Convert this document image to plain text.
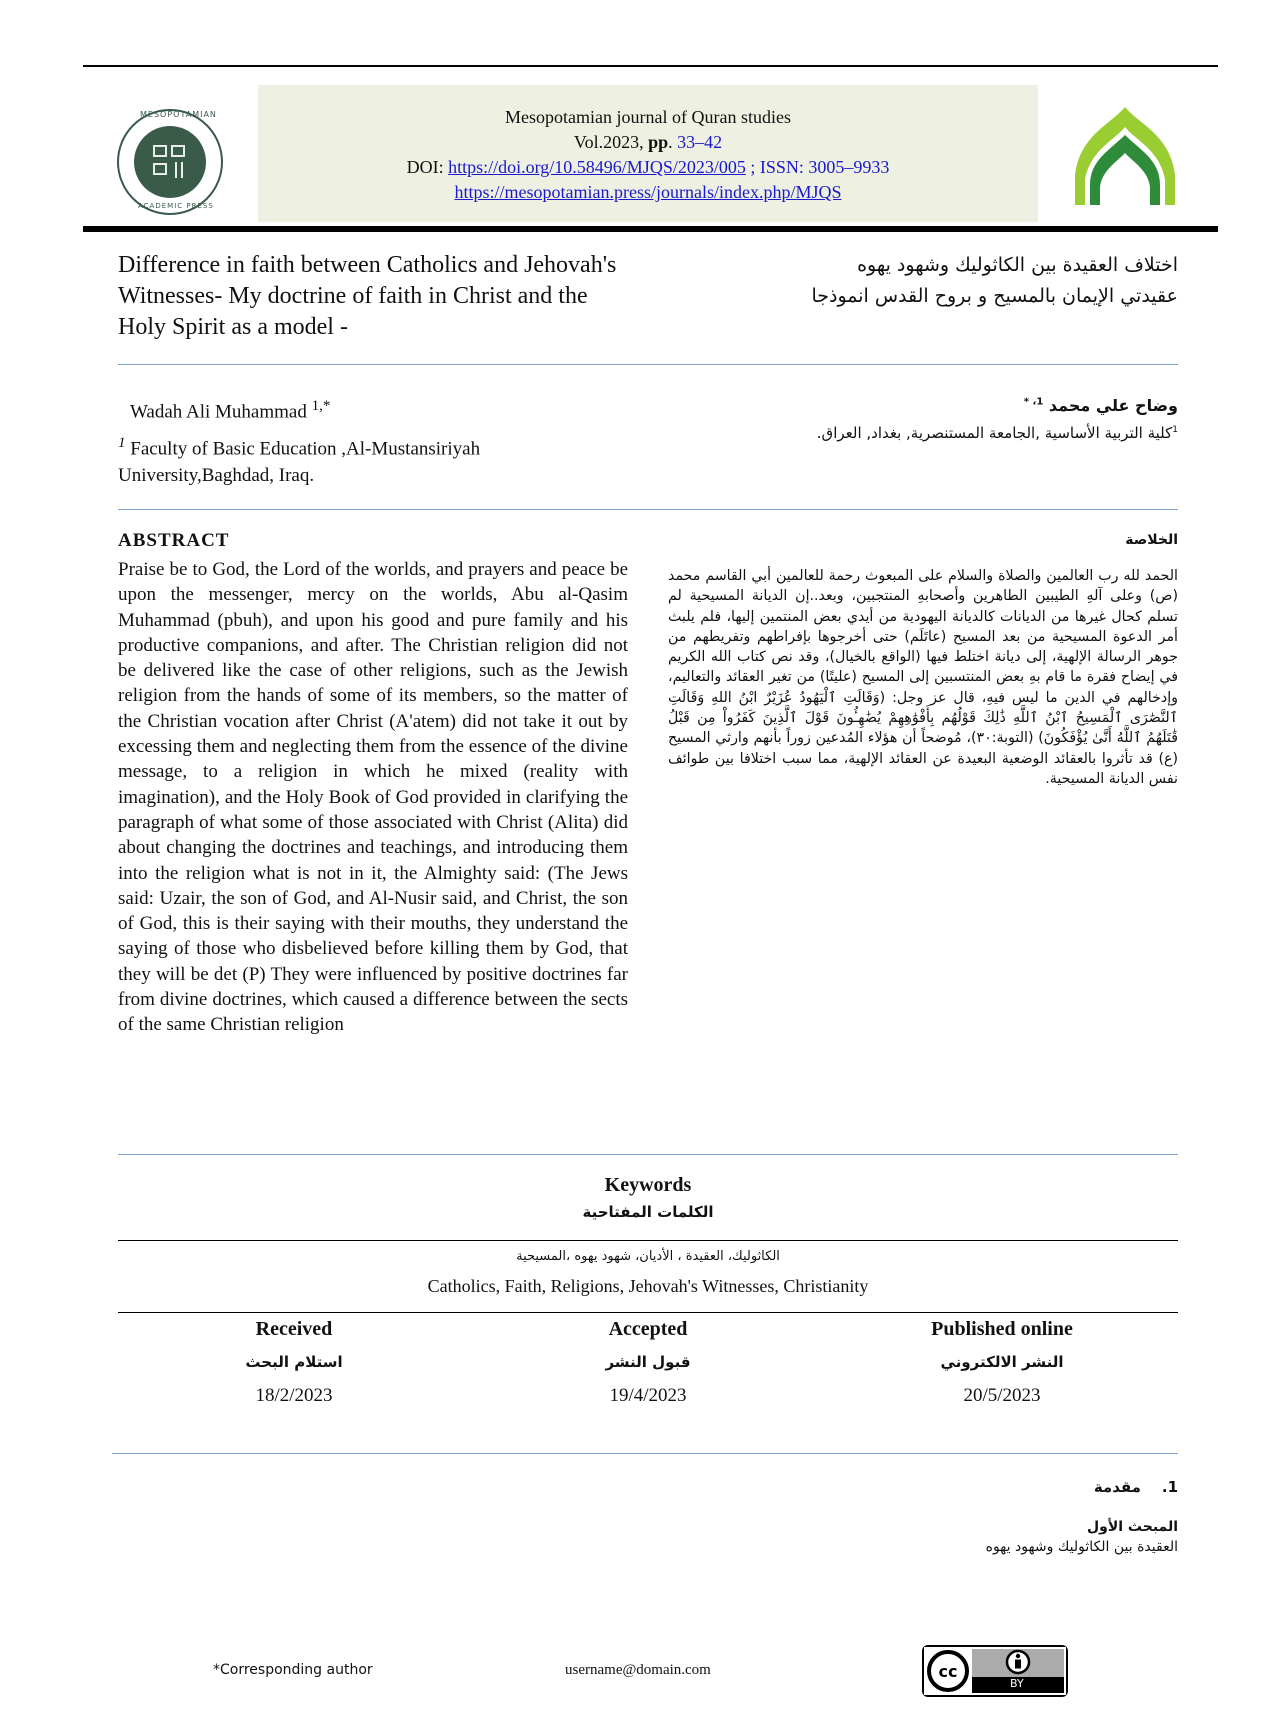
MESOPOTAMIAN
ACADEMIC PRESS
Mesopotamian journal of Quran studies
Vol.2023, pp. 33–42
DOI: https://doi.org/10.58496/MJQS/2023/005 ; ISSN: 3005–9933
https://mesopotamian.press/journals/index.php/MJQS
Difference in faith between Catholics and Jehovah's Witnesses- My doctrine of faith in Christ and the Holy Spirit as a model -
اختلاف العقيدة بين الكاثوليك وشهود يهوه
عقيدتي الإيمان بالمسيح و بروح القدس انموذجا
Wadah Ali Muhammad $^{1,*}$
$^1$ Faculty of Basic Education ,Al-Mustansiriyah University,Baghdad, Iraq.
وضاح علي محمد $^{1، *}$
$^1$كلية التربية الأساسية ,الجامعة المستنصرية, بغداد, العراق.
ABSTRACT
Praise be to God, the Lord of the worlds, and prayers and peace be upon the messenger, mercy on the worlds, Abu al-Qasim Muhammad (pbuh), and upon his good and pure family and his productive companions, and after. The Christian religion did not be delivered like the case of other religions, such as the Jewish religion from the hands of some of its members, so the matter of the Christian vocation after Christ (A'atem) did not take it out by excessing them and neglecting them from the essence of the divine message, to a religion in which he mixed (reality with imagination), and the Holy Book of God provided in clarifying the paragraph of what some of those associated with Christ (Alita) did about changing the doctrines and teachings, and introducing them into the religion what is not in it, the Almighty said: (The Jews said: Uzair, the son of God, and Al-Nusir said, and Christ, the son of God, this is their saying with their mouths, they understand the saying of those who disbelieved before killing them by God, that they will be det (P) They were influenced by positive doctrines far from divine doctrines, which caused a difference between the sects of the same Christian religion
الخلاصة
الحمد لله رب العالمين والصلاة والسلام على المبعوث رحمة للعالمين أبي القاسم محمد (ص) وعلى آلهِ الطيبين الطاهرين وأصحابهِ المنتجبين، وبعد..إن الديانة المسيحية لم تسلم كحال غيرها من الديانات كالديانة اليهودية من أيدي بعض المنتمين إليها، فلم يلبث أمر الدعوة المسيحية من بعد المسيح (عاتَلَم) حتى أخرجوها بإفراطهم وتفريطهم من جوهر الرسالة الإلهية، إلى ديانة اختلط فيها (الواقع بالخيال)، وقد نص كتاب الله الكريم في إيضاح فقرة ما قام بهِ بعض المنتسبين إلى المسيح (عليتًا) من تغير العقائد والتعاليم، وإدخالهم في الدين ما ليس فيهِ، قال عز وجل: (وَقَالَتِ ٱلْيَهُودُ عُزَيْرٌ ابْنُ اللهِ وَقَالَتِ ٱلنَّصَٰرَى ٱلْمَسِيحُ ٱبْنُ ٱللَّهِ ذَٰلِكَ قَوْلُهُم بِأَفْوَٰهِهِمْ يُضَٰهِـُٔونَ قَوْلَ ٱلَّذِينَ كَفَرُواْ مِن قَبْلُ قَٰتَلَهُمُ ٱللَّهُ أَنَّىٰ يُؤْفَكُونَ) (التوبة:٣٠)، مُوضحاً أن هؤلاء المُدعين زوراً بأنهم وارثي المسيح (ع) قد تأثروا بالعقائد الوضعية البعيدة عن العقائد الإلهية، مما سبب اختلافا بين طوائف نفس الديانة المسيحية.
Keywords
الكلمات المفتاحية
الكاثوليك، العقيدة ، الأديان، شهود يهوه ،المسيحية
Catholics, Faith, Religions, Jehovah's Witnesses, Christianity
Received
استلام البحث
18/2/2023
Accepted
قبول النشر
19/4/2023
Published online
النشر الالكتروني
20/5/2023
1.    مقدمة
المبحث الأول
العقيدة بين الكاثوليك وشهود يهوه
*Corresponding author	username@domain.com	cc
BY
